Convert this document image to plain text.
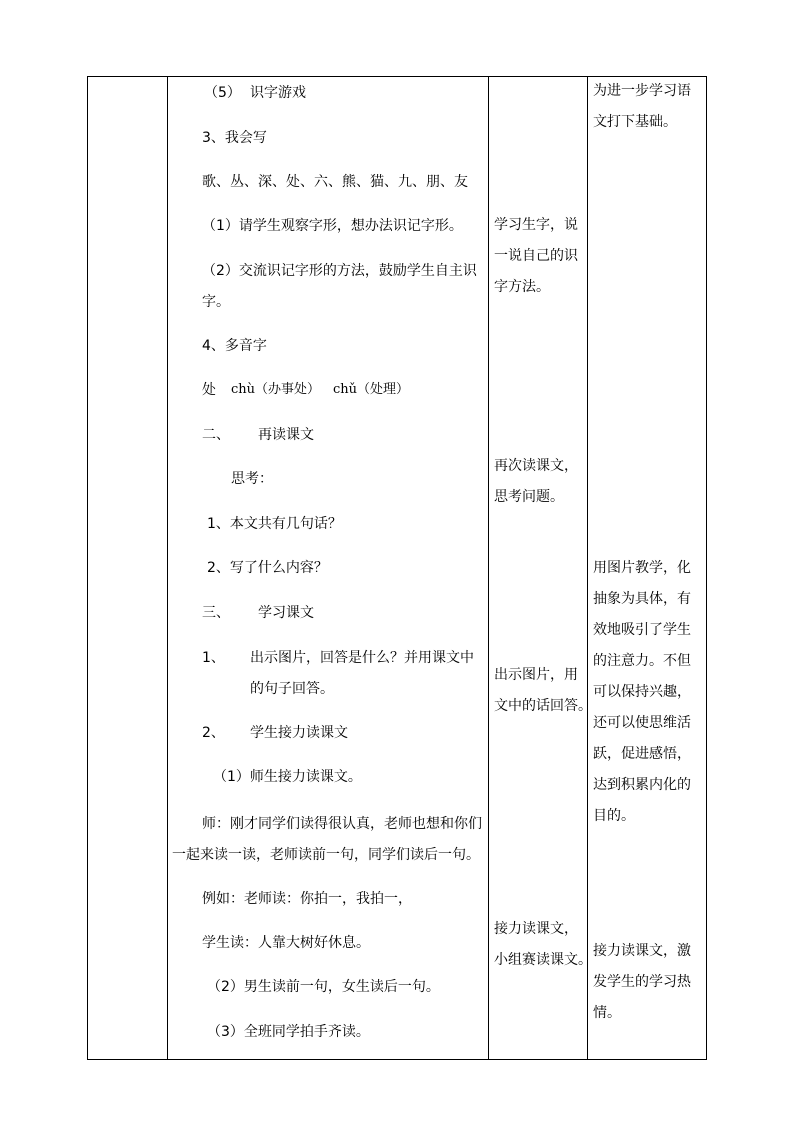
（5） 识字游戏
3、我会写
歌、丛、深、处、六、熊、猫、九、朋、友
（1）请学生观察字形，想办法识记字形。
（2）交流识记字形的方法，鼓励学生自主识
字。
4、多音字
处 chù（办事处） chǔ（处理）
二、 再读课文
思考：
1、本文共有几句话？
2、写了什么内容？
三、 学习课文
1、 出示图片，回答是什么？并用课文中
的句子回答。
2、 学生接力读课文
（1）师生接力读课文。
师：刚才同学们读得很认真，老师也想和你们
一起来读一读，老师读前一句，同学们读后一句。
例如：老师读：你拍一，我拍一，
学生读：人靠大树好休息。
（2）男生读前一句，女生读后一句。
（3）全班同学拍手齐读。
学习生字，说
一说自己的识
字方法。
再次读课文，
思考问题。
出示图片，用
文中的话回答。
接力读课文，
小组赛读课文。
为进一步学习语
文打下基础。
用图片教学，化
抽象为具体，有
效地吸引了学生
的注意力。不但
可以保持兴趣，
还可以使思维活
跃，促进感悟，
达到积累内化的
目的。
接力读课文，激
发学生的学习热
情。
